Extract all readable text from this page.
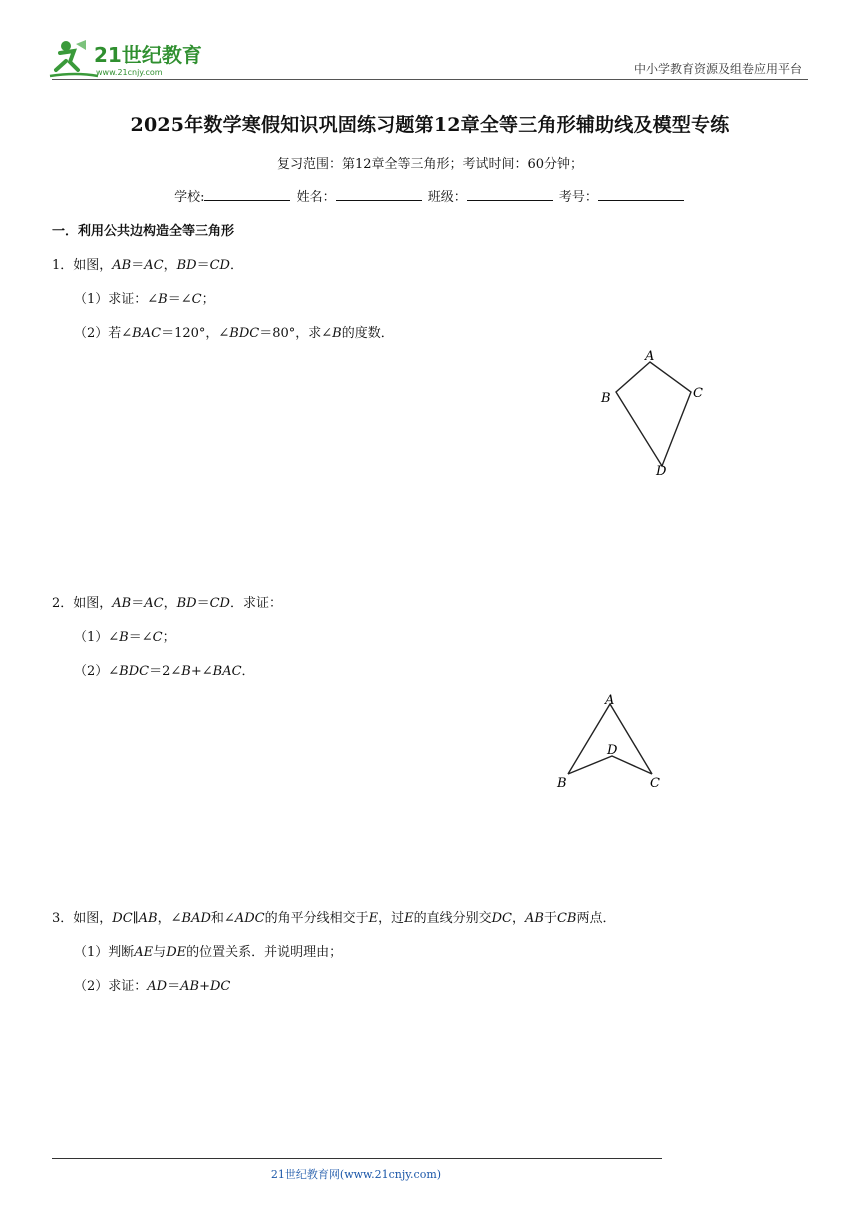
21世纪教育
www.21cnjy.com	中小学教育资源及组卷应用平台
2025年数学寒假知识巩固练习题第12章全等三角形辅助线及模型专练
复习范围：第12章全等三角形；考试时间：60分钟；
学校:	姓名：	班级：	考号：
一．利用公共边构造全等三角形
1．如图，AB＝AC，BD＝CD．
（1）求证：∠B＝∠C；
（2）若∠BAC＝120°，∠BDC＝80°，求∠B的度数．
A
B	C
D
2．如图，AB＝AC，BD＝CD．求证：
（1）∠B＝∠C；
（2）∠BDC＝2∠B+∠BAC．
A
D
B	C
3．如图，DC∥AB，∠BAD和∠ADC的角平分线相交于E，过E的直线分别交DC，AB于CB两点．
（1）判断AE与DE的位置关系．并说明理由；
（2）求证：AD＝AB+DC
21世纪教育网(www.21cnjy.com)
